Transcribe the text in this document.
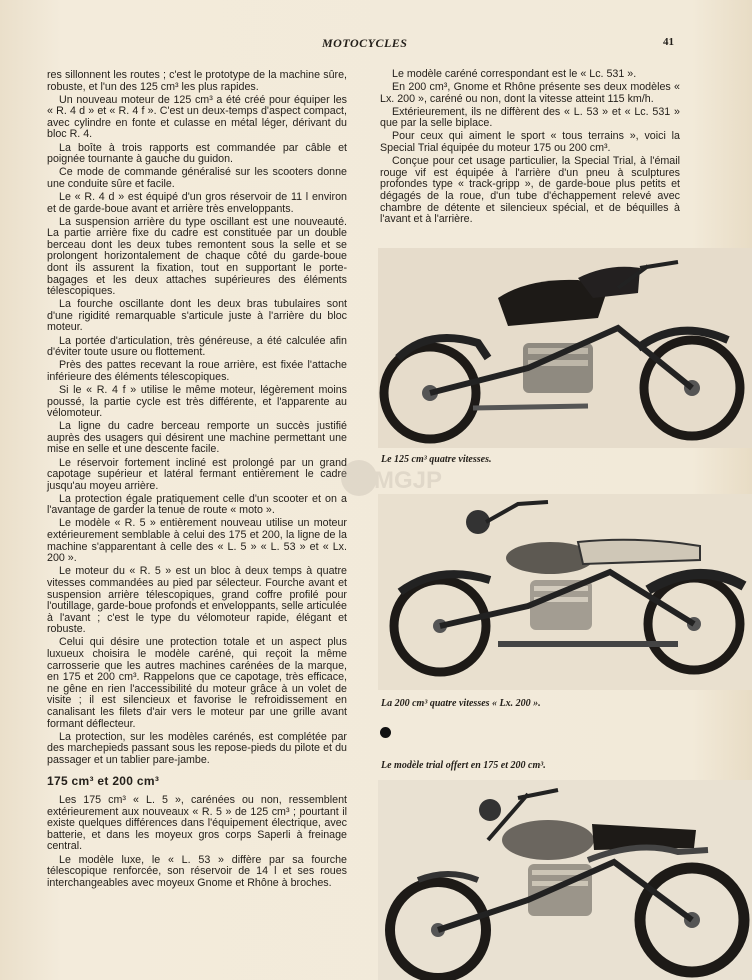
MOTOCYCLES	41

res sillonnent les routes ; c'est le prototype de la machine sûre, robuste, et l'un des 125 cm³ les plus rapides.

Un nouveau moteur de 125 cm³ a été créé pour équiper les « R. 4 d » et « R. 4 f ». C'est un deux-temps d'aspect compact, avec cylindre en fonte et culasse en métal léger, dérivant du bloc R. 4.

La boîte à trois rapports est commandée par câble et poignée tournante à gauche du guidon.

Ce mode de commande généralisé sur les scooters donne une conduite sûre et facile.

Le « R. 4 d » est équipé d'un gros réservoir de 11 l environ et de garde-boue avant et arrière très enveloppants.

La suspension arrière du type oscillant est une nouveauté. La partie arrière fixe du cadre est constituée par un double berceau dont les deux tubes remontent sous la selle et se prolongent horizontalement de chaque côté du garde-boue dont ils assurent la fixation, tout en supportant le porte-bagages et les deux attaches supérieures des éléments télescopiques.

La fourche oscillante dont les deux bras tubulaires sont d'une rigidité remarquable s'articule juste à l'arrière du bloc moteur.

La portée d'articulation, très généreuse, a été calculée afin d'éviter toute usure ou flottement.

Près des pattes recevant la roue arrière, est fixée l'attache inférieure des éléments télescopiques.

Si le « R. 4 f » utilise le même moteur, légèrement moins poussé, la partie cycle est très différente, et l'apparente au vélomoteur.

La ligne du cadre berceau remporte un succès justifié auprès des usagers qui désirent une machine permettant une mise en selle et une descente facile.

Le réservoir fortement incliné est prolongé par un grand capotage supérieur et latéral fermant entièrement le cadre jusqu'au moyeu arrière.

La protection égale pratiquement celle d'un scooter et on a l'avantage de garder la tenue de route « moto ».

Le modèle « R. 5 » entièrement nouveau utilise un moteur extérieurement semblable à celui des 175 et 200, la ligne de la machine s'apparentant à celle des « L. 5 » « L. 53 » et « Lx. 200 ».

Le moteur du « R. 5 » est un bloc à deux temps à quatre vitesses commandées au pied par sélecteur. Fourche avant et suspension arrière télescopiques, grand coffre profilé pour l'outillage, garde-boue profonds et enveloppants, selle articulée à l'avant ; c'est le type du vélomoteur rapide, élégant et robuste.

Celui qui désire une protection totale et un aspect plus luxueux choisira le modèle caréné, qui reçoit la même carrosserie que les autres machines carénées de la marque, en 175 et 200 cm³. Rappelons que ce capotage, très efficace, ne gêne en rien l'accessibilité du moteur grâce à un volet de visite ; il est silencieux et favorise le refroidissement en canalisant les filets d'air vers le moteur par une grille avant formant déflecteur.

La protection, sur les modèles carénés, est complétée par des marchepieds passant sous les repose-pieds du pilote et du passager et un tablier pare-jambe.

175 cm³ et 200 cm³

Les 175 cm³ « L. 5 », carénées ou non, ressemblent extérieurement aux nouveaux « R. 5 » de 125 cm³ ; pourtant il existe quelques différences dans l'équipement électrique, avec batterie, et dans les moyeux gros corps Saperli à freinage central.

Le modèle luxe, le « L. 53 » diffère par sa fourche télescopique renforcée, son réservoir de 14 l et ses roues interchangeables avec moyeux Gnome et Rhône à broches.

Le modèle caréné correspondant est le « Lc. 531 ».

En 200 cm³, Gnome et Rhône présente ses deux modèles « Lx. 200 », caréné ou non, dont la vitesse atteint 115 km/h.

Extérieurement, ils ne diffèrent des « L. 53 » et « Lc. 531 » que par la selle biplace.

Pour ceux qui aiment le sport « tous terrains », voici la Special Trial équipée du moteur 175 ou 200 cm³.

Conçue pour cet usage particulier, la Special Trial, à l'émail rouge vif est équipée à l'arrière d'un pneu à sculptures profondes type « track-gripp », de garde-boue plus petits et dégagés de la roue, d'un tube d'échappement relevé avec chambre de détente et silencieux spécial, et de béquilles à l'avant et à l'arrière.

Le 125 cm³ quatre vitesses.
La 200 cm³ quatre vitesses « Lx. 200 ».
Le modèle trial offert en 175 et 200 cm³.
MGJP
